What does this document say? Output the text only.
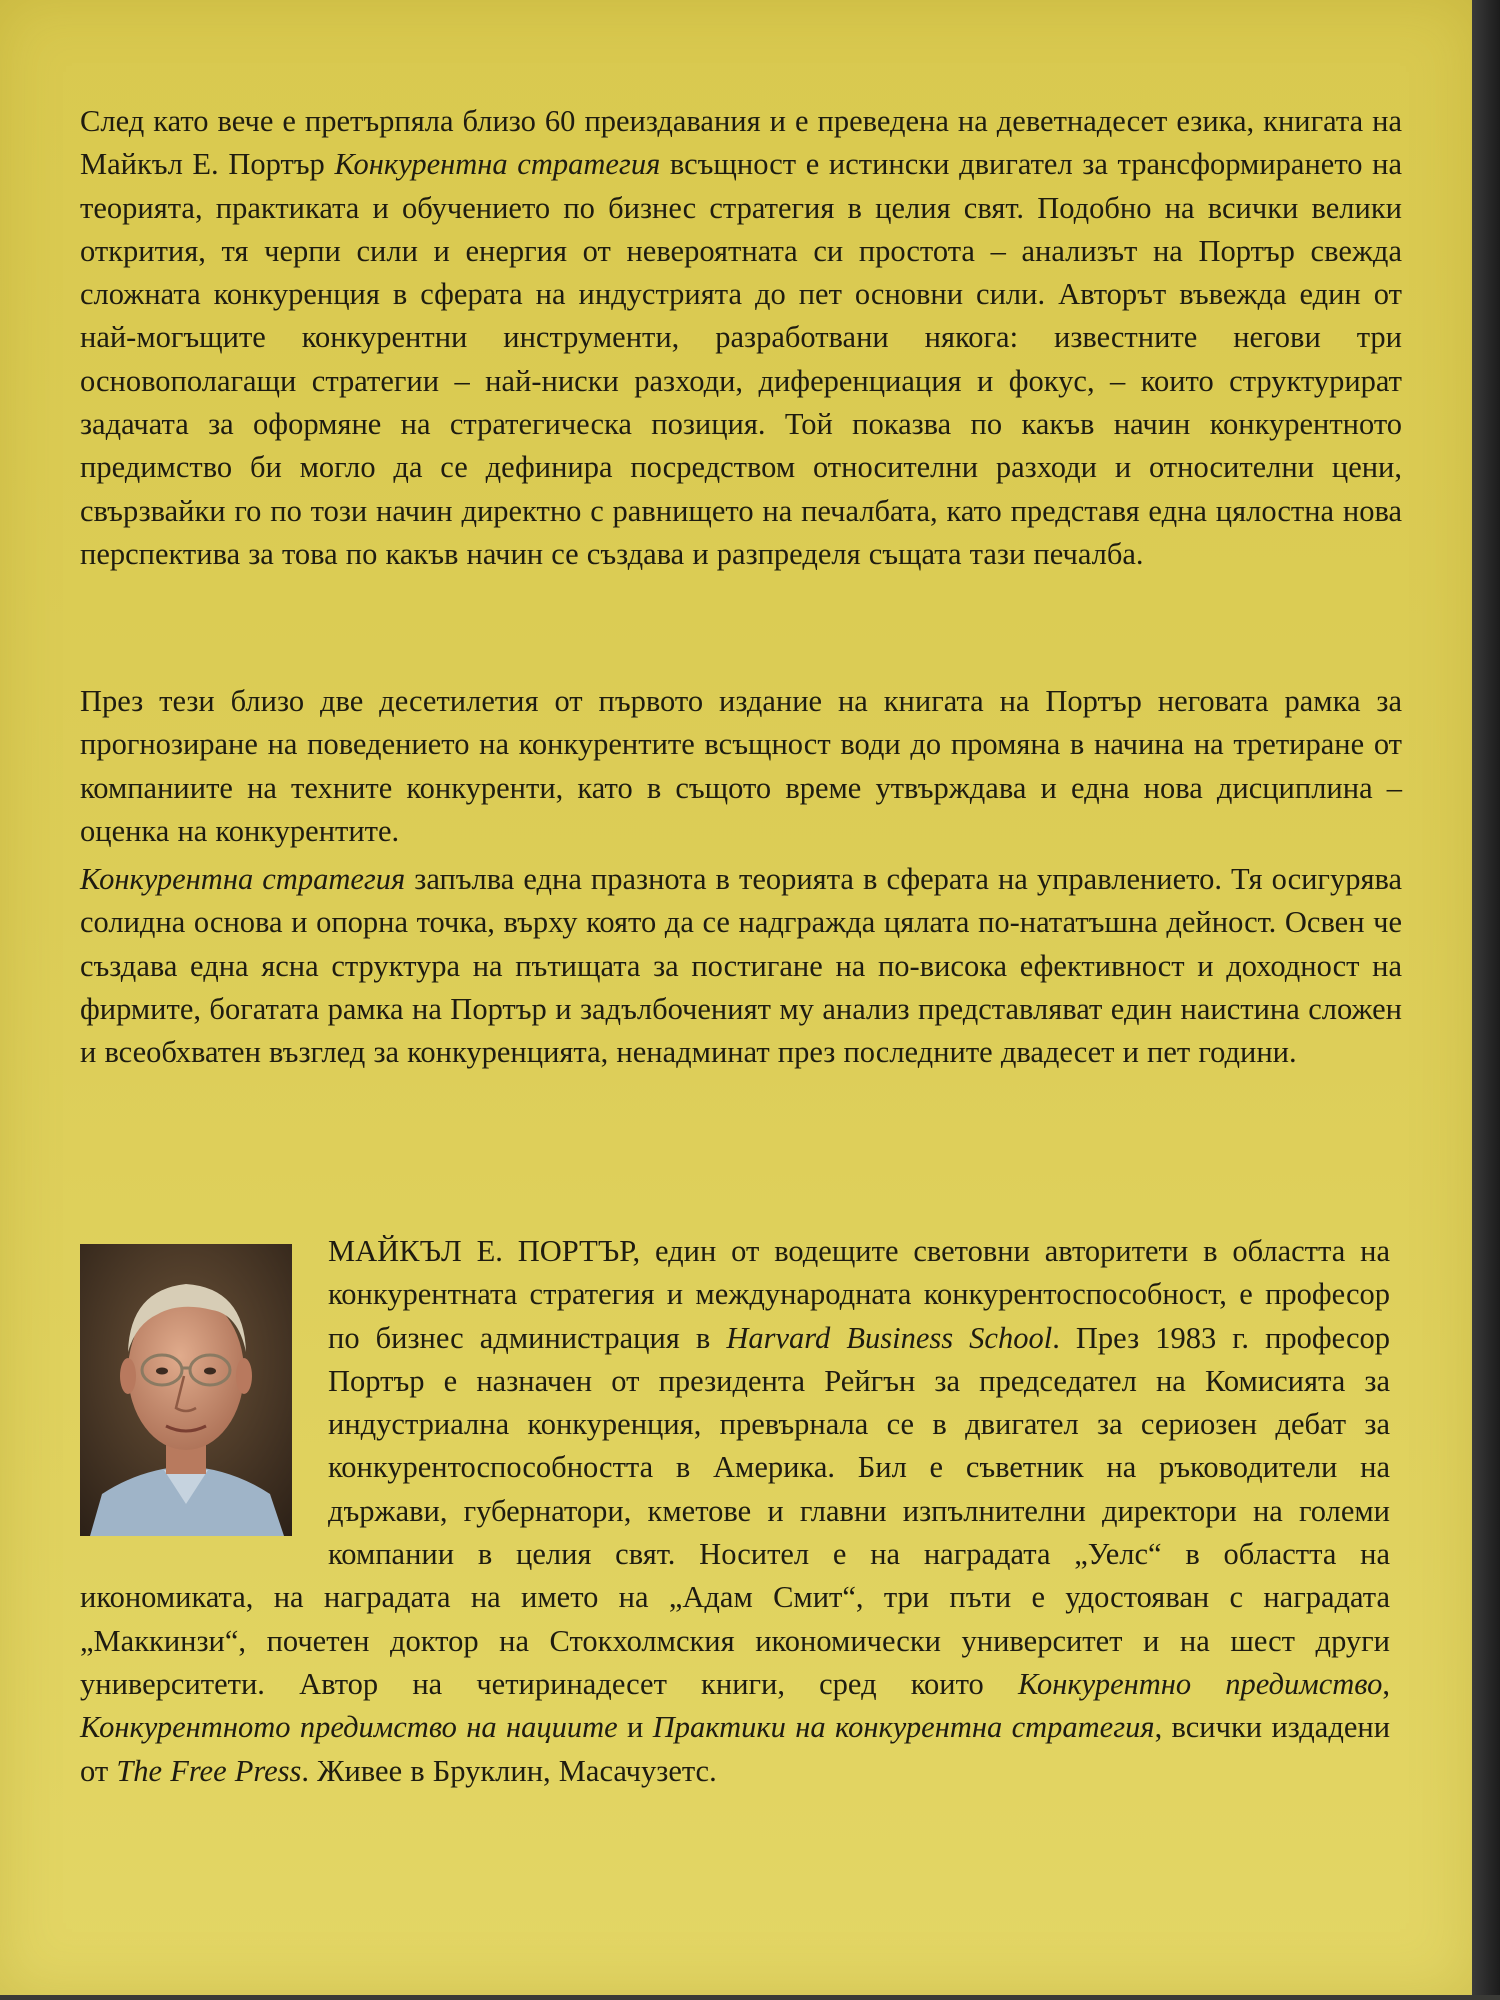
След като вече е претърпяла близо 60 преиздавания и е преведена на деветнадесет езика, книгата на Майкъл Е. Портър Конкурентна стратегия всъщност е истински двигател за трансформирането на теорията, практиката и обучението по бизнес стратегия в целия свят. Подобно на всички велики открития, тя черпи сили и енергия от невероятната си простота – анализът на Портър свежда сложната конкуренция в сферата на индустрията до пет основни сили. Авторът въвежда един от най-могъщите конкурентни инструменти, разработвани някога: известните негови три основополагащи стратегии – най-ниски разходи, диференциация и фокус, – които структурират задачата за оформяне на стратегическа позиция. Той показва по какъв начин конкурентното предимство би могло да се дефинира посредством относителни разходи и относителни цени, свързвайки го по този начин директно с равнището на печалбата, като представя една цялостна нова перспектива за това по какъв начин се създава и разпределя същата тази печалба.

През тези близо две десетилетия от първото издание на книгата на Портър неговата рамка за прогнозиране на поведението на конкурентите всъщност води до промяна в начина на третиране от компаниите на техните конкуренти, като в същото време утвърждава и една нова дисциплина – оценка на конкурентите.

Конкурентна стратегия запълва една празнота в теорията в сферата на управлението. Тя осигурява солидна основа и опорна точка, върху която да се надгражда цялата по-нататъшна дейност. Освен че създава една ясна структура на пътищата за постигане на по-висока ефективност и доходност на фирмите, богатата рамка на Портър и задълбоченият му анализ представляват един наистина сложен и всеобхватен възглед за конкуренцията, ненадминат през последните двадесет и пет години.

МАЙКЪЛ Е. ПОРТЪР, един от водещите световни авторитети в областта на конкурентната стратегия и международната конкурентоспособност, е професор по бизнес администрация в Harvard Business School. През 1983 г. професор Портър е назначен от президента Рейгън за председател на Комисията за индустриална конкуренция, превърнала се в двигател за сериозен дебат за конкурентоспособността в Америка. Бил е съветник на ръководители на държави, губернатори, кметове и главни изпълнителни директори на големи компании в целия свят. Носител е на наградата „Уелс“ в областта на икономиката, на наградата на името на „Адам Смит“, три пъти е удостояван с наградата „Маккинзи“, почетен доктор на Стокхолмския икономически университет и на шест други университети. Автор на четиринадесет книги, сред които Конкурентно предимство, Конкурентното предимство на нациите и Практики на конкурентна стратегия, всички издадени от The Free Press. Живее в Бруклин, Масачузетс.
